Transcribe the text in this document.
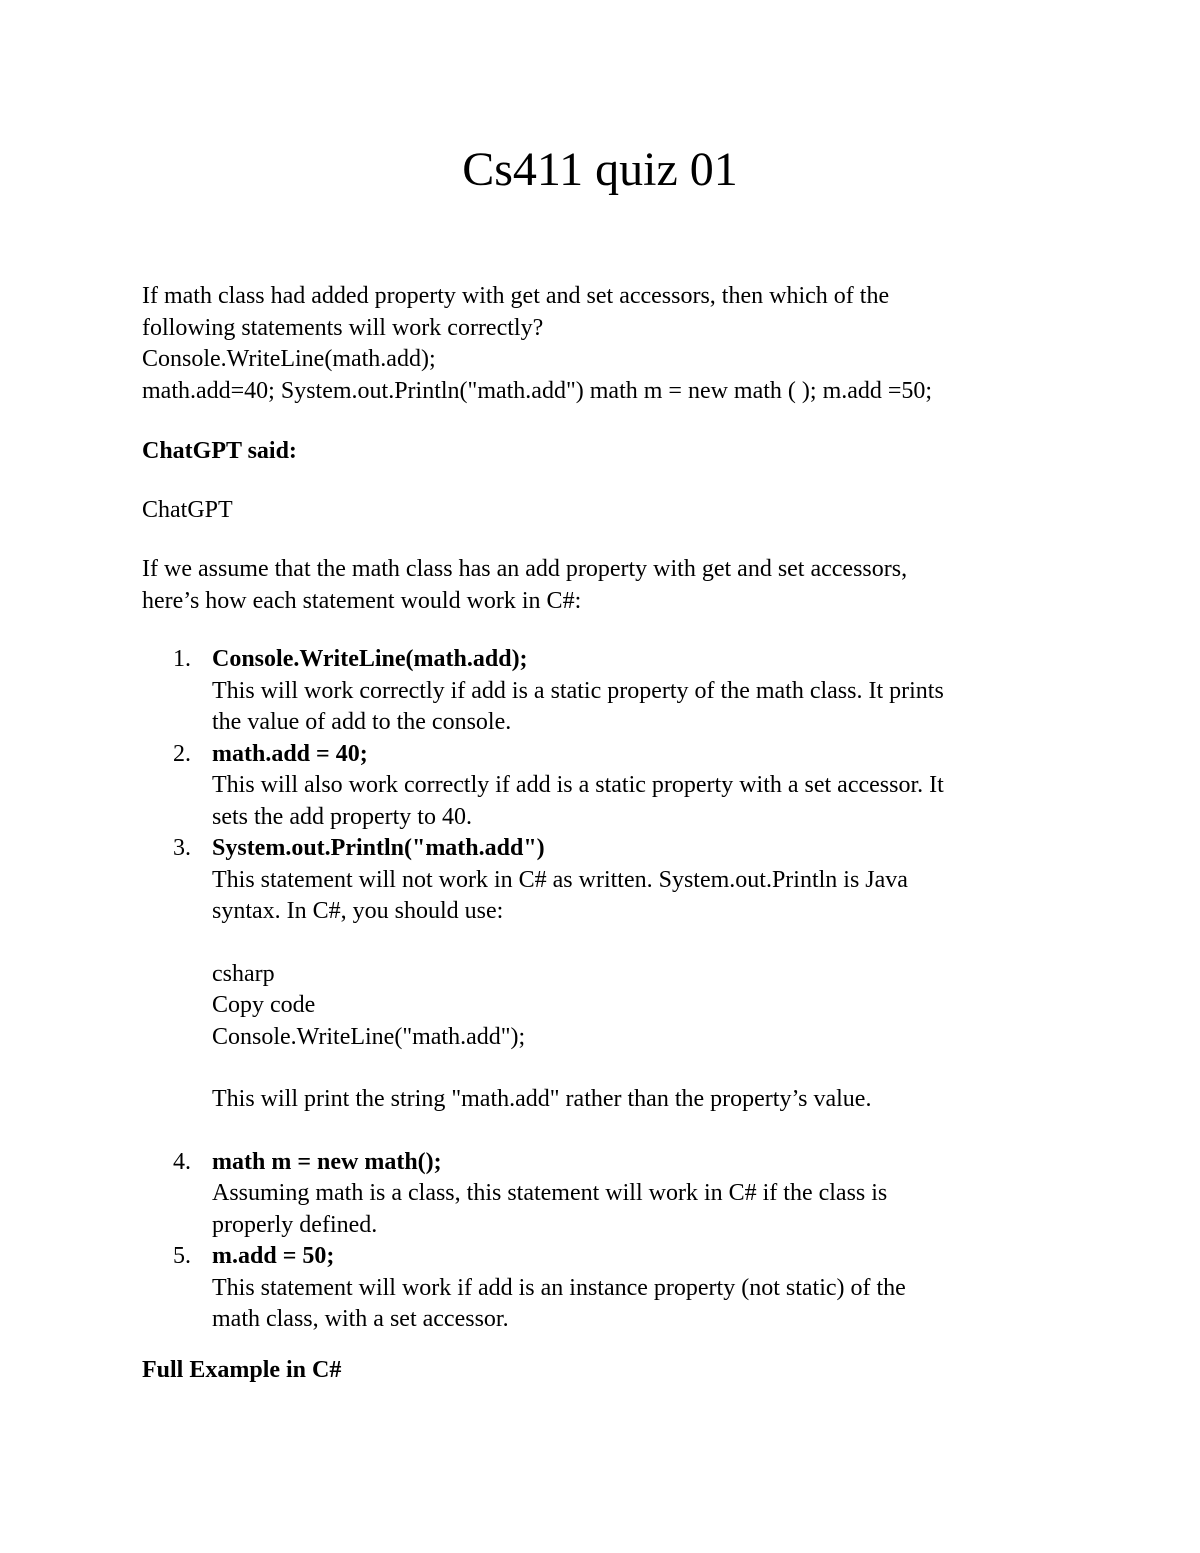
Cs411 quiz 01
If math class had added property with get and set accessors, then which of the
following statements will work correctly?
Console.WriteLine(math.add);
math.add=40; System.out.Println("math.add") math m = new math ( ); m.add =50;
ChatGPT said:
ChatGPT
If we assume that the math class has an add property with get and set accessors,
here’s how each statement would work in C#:
1. Console.WriteLine(math.add);
This will work correctly if add is a static property of the math class. It prints
the value of add to the console.
2. math.add = 40;
This will also work correctly if add is a static property with a set accessor. It
sets the add property to 40.
3. System.out.Println("math.add")
This statement will not work in C# as written. System.out.Println is Java
syntax. In C#, you should use:
csharp
Copy code
Console.WriteLine("math.add");
This will print the string "math.add" rather than the property’s value.
4. math m = new math();
Assuming math is a class, this statement will work in C# if the class is
properly defined.
5. m.add = 50;
This statement will work if add is an instance property (not static) of the
math class, with a set accessor.
Full Example in C#
